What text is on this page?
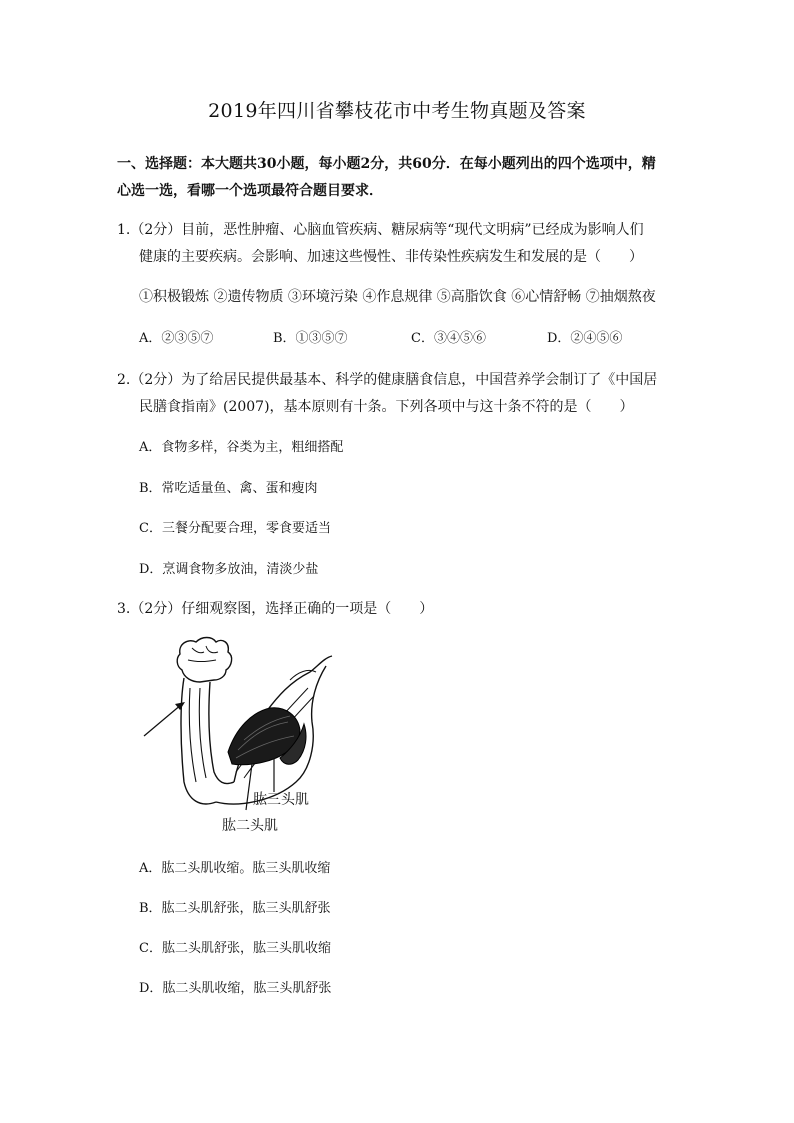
2019年四川省攀枝花市中考生物真题及答案
一、选择题：本大题共30小题，每小题2分，共60分．在每小题列出的四个选项中，精
心选一选，看哪一个选项最符合题目要求．
1.（2分）目前，恶性肿瘤、心脑血管疾病、糖尿病等“现代文明病”已经成为影响人们
健康的主要疾病。会影响、加速这些慢性、非传染性疾病发生和发展的是（　　）
①积极锻炼 ②遗传物质 ③环境污染 ④作息规律 ⑤高脂饮食 ⑥心情舒畅 ⑦抽烟熬夜
A．②③⑤⑦	B．①③⑤⑦	C．③④⑤⑥	D．②④⑤⑥
2.（2分）为了给居民提供最基本、科学的健康膳食信息，中国营养学会制订了《中国居
民膳食指南》(2007)，基本原则有十条。下列各项中与这十条不符的是（　　）
A．食物多样，谷类为主，粗细搭配
B．常吃适量鱼、禽、蛋和瘦肉
C．三餐分配要合理，零食要适当
D．烹调食物多放油，清淡少盐
3.（2分）仔细观察图，选择正确的一项是（　　）
肱三头肌
肱二头肌
A．肱二头肌收缩。肱三头肌收缩
B．肱二头肌舒张，肱三头肌舒张
C．肱二头肌舒张，肱三头肌收缩
D．肱二头肌收缩，肱三头肌舒张
